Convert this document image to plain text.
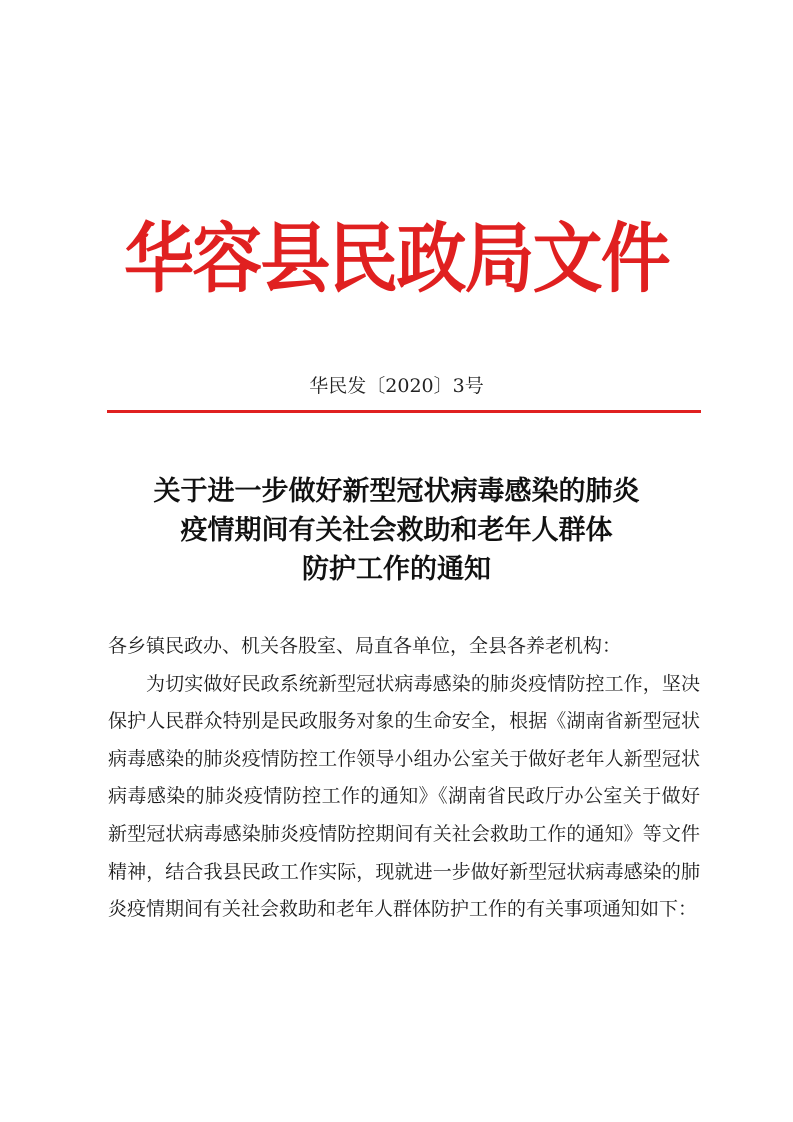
华容县民政局文件
华民发〔2020〕3号
关于进一步做好新型冠状病毒感染的肺炎
疫情期间有关社会救助和老年人群体
防护工作的通知

各乡镇民政办、机关各股室、局直各单位，全县各养老机构：

为切实做好民政系统新型冠状病毒感染的肺炎疫情防控工作，坚决保护人民群众特别是民政服务对象的生命安全，根据《湖南省新型冠状病毒感染的肺炎疫情防控工作领导小组办公室关于做好老年人新型冠状病毒感染的肺炎疫情防控工作的通知》《湖南省民政厅办公室关于做好新型冠状病毒感染肺炎疫情防控期间有关社会救助工作的通知》等文件精神，结合我县民政工作实际，现就进一步做好新型冠状病毒感染的肺炎疫情期间有关社会救助和老年人群体防护工作的有关事项通知如下：
